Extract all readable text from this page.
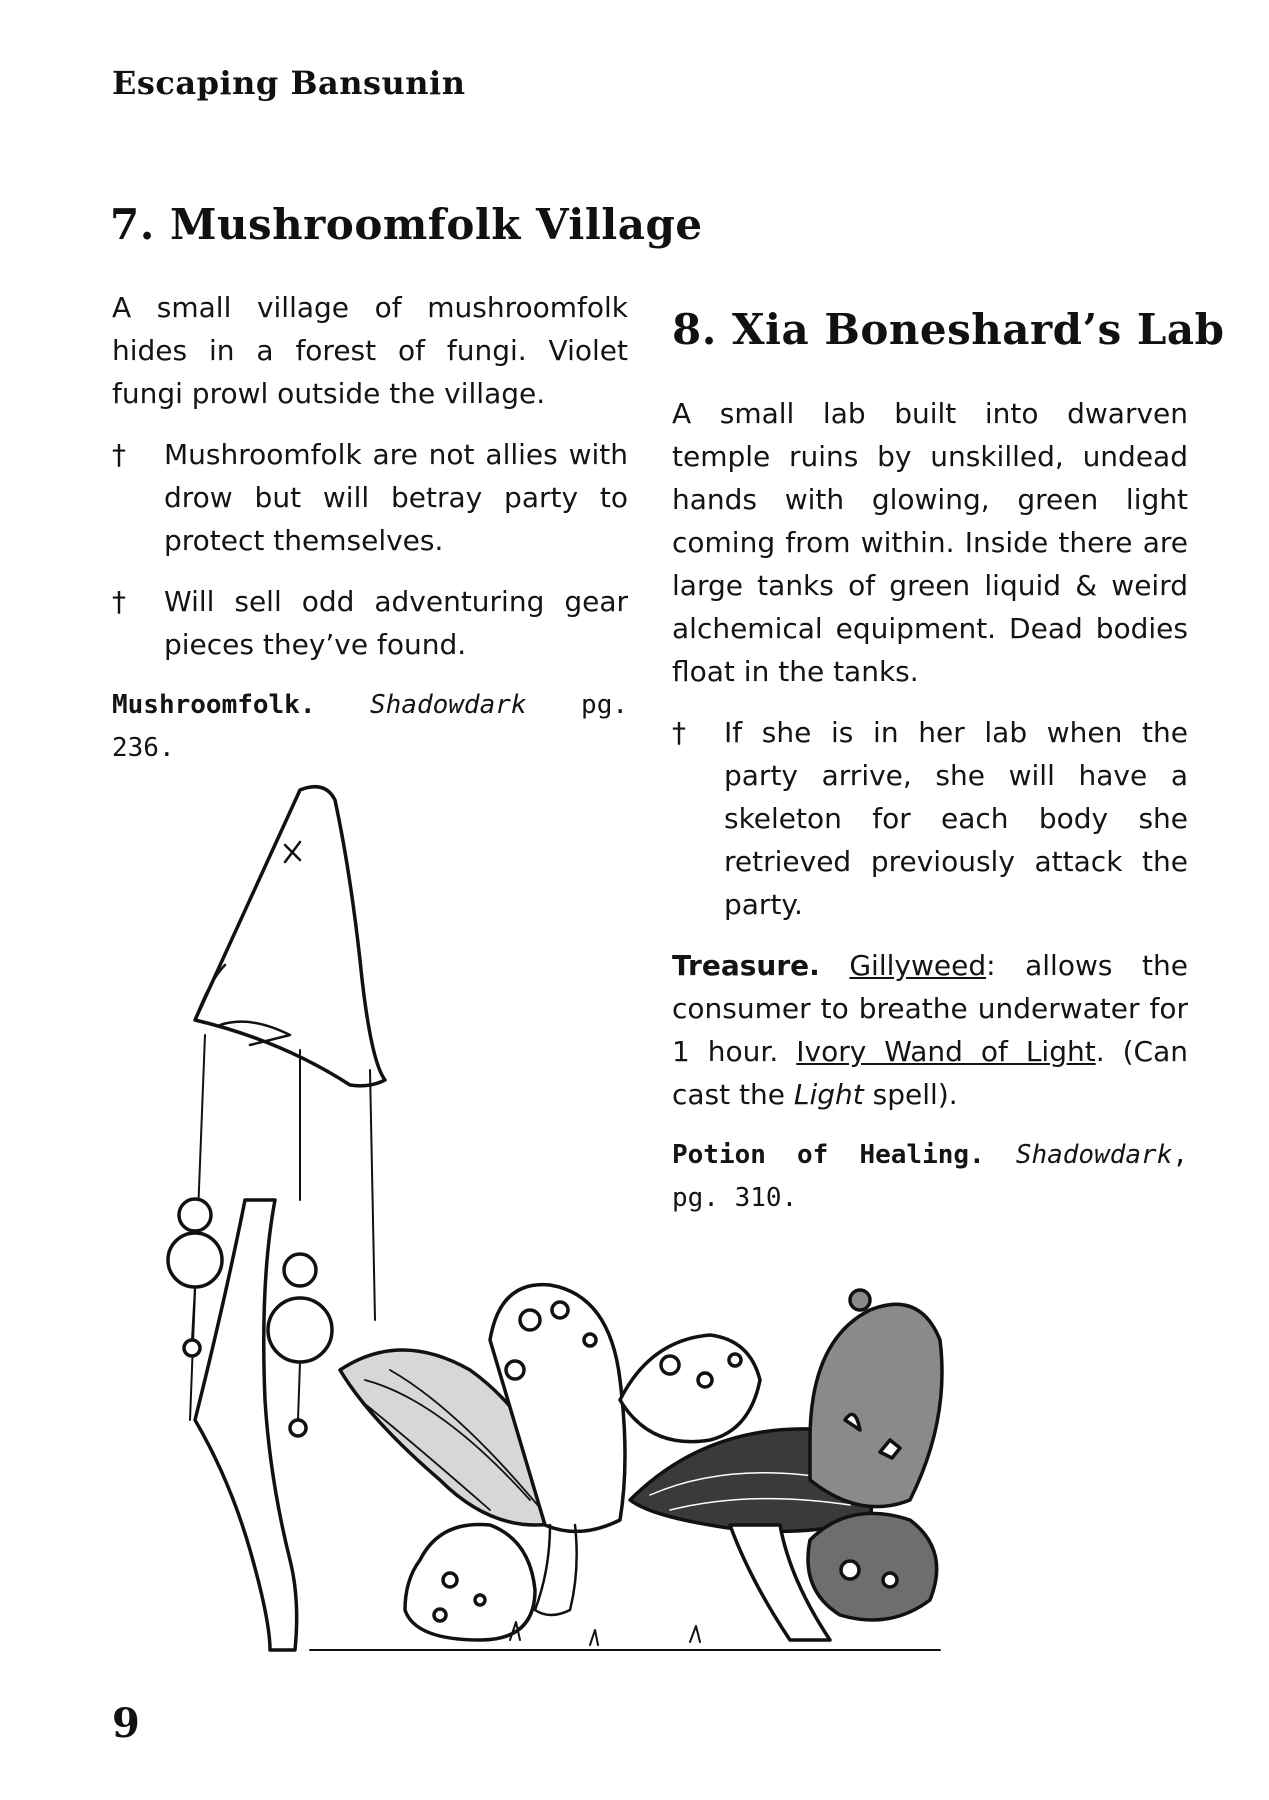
Escaping Bansunin
7. Mushroomfolk Village

A small village of mushroomfolk hides in a forest of fungi. Violet fungi prowl outside the village.

† Mushroomfolk are not allies with drow but will betray party to protect themselves.
† Will sell odd adventuring gear pieces they’ve found.

Mushroomfolk. Shadowdark pg. 236.

8. Xia Boneshard’s Lab

A small lab built into dwarven temple ruins by unskilled, undead hands with glowing, green light coming from within. Inside there are large tanks of green liquid & weird alchemical equipment. Dead bodies float in the tanks.

† If she is in her lab when the party arrive, she will have a skeleton for each body she retrieved previously attack the party.

Treasure. Gillyweed: allows the consumer to breathe underwater for 1 hour. Ivory Wand of Light. (Can cast the Light spell).

Potion of Healing. Shadowdark, pg. 310.

9
